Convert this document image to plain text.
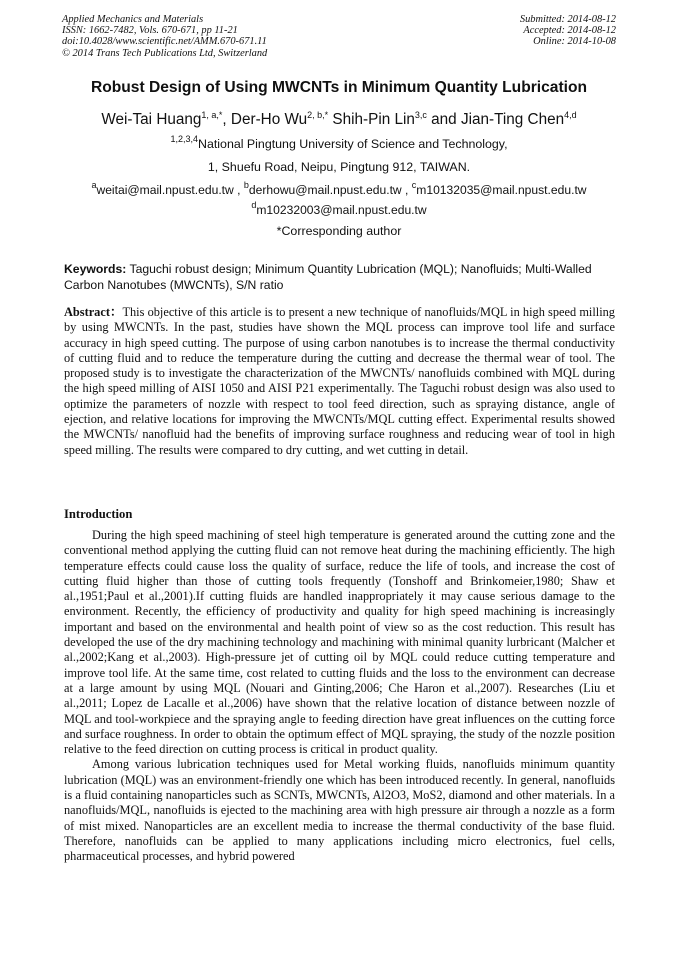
Applied Mechanics and Materials
ISSN: 1662-7482, Vols. 670-671, pp 11-21
doi:10.4028/www.scientific.net/AMM.670-671.11
© 2014 Trans Tech Publications Ltd, Switzerland
Submitted: 2014-08-12
Accepted: 2014-08-12
Online: 2014-10-08
Robust Design of Using MWCNTs in Minimum Quantity Lubrication
Wei-Tai Huang$^{1, a,*}$, Der-Ho $Wu^{2, b,*}$ Shih-Pin Lin$^{3,c}$ and Jian-Ting Chen$^{4,d}$
$^{1,2,3,4}$National Pingtung University of Science and Technology,
1, Shuefu Road, Neipu, Pingtung 912, TAIWAN.
$^a$weitai@mail.npust.edu.tw , $^b$derhowu@mail.npust.edu.tw , $^c$m10132035@mail.npust.edu.tw
$^d$m10232003@mail.npust.edu.tw
*Corresponding author
Keywords: Taguchi robust design; Minimum Quantity Lubrication (MQL); Nanofluids; Multi-Walled Carbon Nanotubes (MWCNTs), S/N ratio
Abstract：This objective of this article is to present a new technique of nanofluids/MQL in high speed milling by using MWCNTs. In the past, studies have shown the MQL process can improve tool life and surface accuracy in high speed cutting. The purpose of using carbon nanotubes is to increase the thermal conductivity of cutting fluid and to reduce the temperature during the cutting and decrease the thermal wear of tool. The proposed study is to investigate the characterization of the MWCNTs/ nanofluids combined with MQL during the high speed milling of AISI 1050 and AISI P21 experimentally. The Taguchi robust design was also used to optimize the parameters of nozzle with respect to tool feed direction, such as spraying distance, angle of ejection, and relative locations for improving the MWCNTs/MQL cutting effect. Experimental results showed the MWCNTs/ nanofluid had the benefits of improving surface roughness and reducing wear of tool in high speed milling. The results were compared to dry cutting, and wet cutting in detail.
Introduction

During the high speed machining of steel high temperature is generated around the cutting zone and the conventional method applying the cutting fluid can not remove heat during the machining efficiently. The high temperature effects could cause loss the quality of surface, reduce the life of tools, and increase the cost of cutting fluid higher than those of cutting tools frequently (Tonshoff and Brinkomeier,1980; Shaw et al.,1951;Paul et al.,2001).If cutting fluids are handled inappropriately it may cause serious damage to the environment. Recently, the efficiency of productivity and quality for high speed machining is increasingly important and based on the environmental and health point of view so as the cost reduction. This result has developed the use of the dry machining technology and machining with minimal quanity lurbricant (Malcher et al.,2002;Kang et al.,2003). High-pressure jet of cutting oil by MQL could reduce cutting temperature and improve tool life. At the same time, cost related to cutting fluids and the loss to the environment can decrease at a large amount by using MQL (Nouari and Ginting,2006; Che Haron et al.,2007). Researches (Liu et al.,2011; Lopez de Lacalle et al.,2006) have shown that the relative location of distance between nozzle of MQL and tool-workpiece and the spraying angle to feeding direction have great influences on the cutting force and surface roughness. In order to obtain the optimum effect of MQL spraying, the study of the nozzle position relative to the feed direction on cutting process is critical in product quality.

Among various lubrication techniques used for Metal working fluids, nanofluids minimum quantity lubrication (MQL) was an environment-friendly one which has been introduced recently. In general, nanofluids is a fluid containing nanoparticles such as SCNTs, MWCNTs, Al2O3, MoS2, diamond and other materials. In a nanofluids/MQL, nanofluids is ejected to the machining area with high pressure air through a nozzle as a form of mist mixed. Nanoparticles are an excellent media to increase the thermal conductivity of the base fluid. Therefore, nanofluids can be applied to many applications including micro electronics, fuel cells, pharmaceutical processes, and hybrid powered
